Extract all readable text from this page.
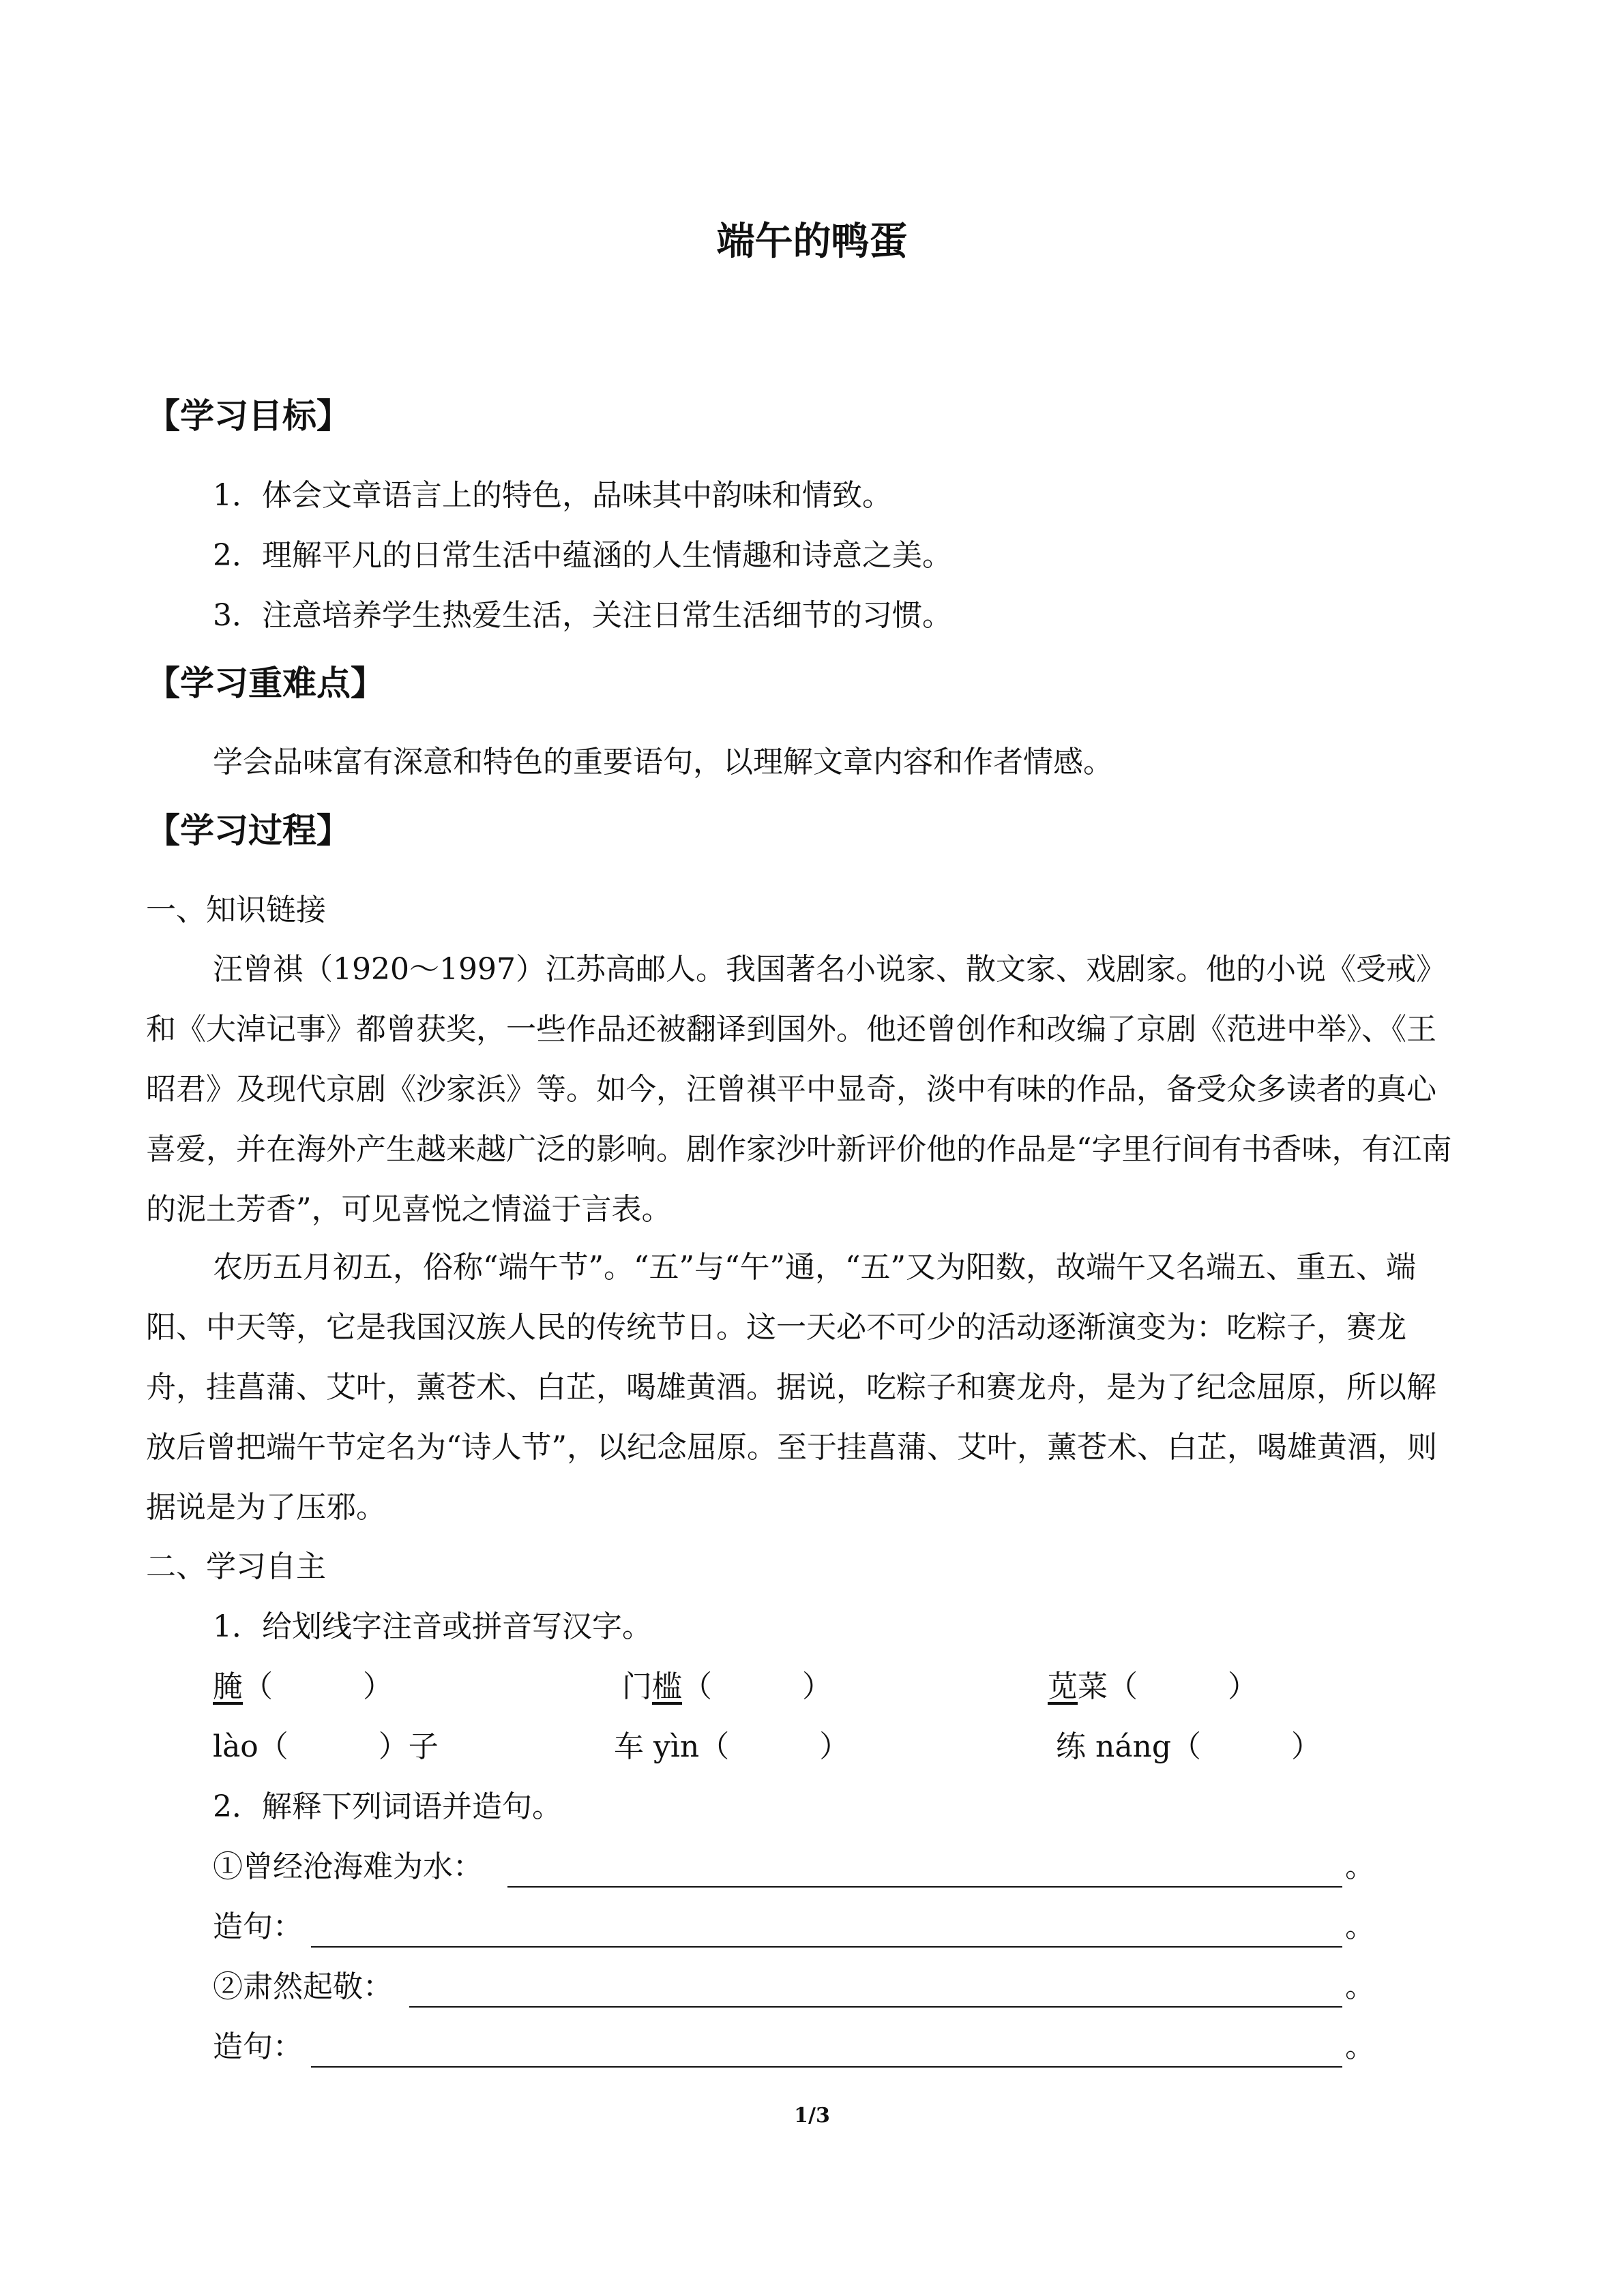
端午的鸭蛋
【学习目标】
1．体会文章语言上的特色，品味其中韵味和情致。
2．理解平凡的日常生活中蕴涵的人生情趣和诗意之美。
3．注意培养学生热爱生活，关注日常生活细节的习惯。
【学习重难点】
学会品味富有深意和特色的重要语句，以理解文章内容和作者情感。
【学习过程】
一、知识链接
汪曾祺（1920～1997）江苏高邮人。我国著名小说家、散文家、戏剧家。他的小说《受戒》和《大淖记事》都曾获奖，一些作品还被翻译到国外。他还曾创作和改编了京剧《范进中举》、《王昭君》及现代京剧《沙家浜》等。如今，汪曾祺平中显奇，淡中有味的作品，备受众多读者的真心喜爱，并在海外产生越来越广泛的影响。剧作家沙叶新评价他的作品是“字里行间有书香味，有江南的泥土芳香”，可见喜悦之情溢于言表。
农历五月初五，俗称“端午节”。“五”与“午”通，“五”又为阳数，故端午又名端五、重五、端阳、中天等，它是我国汉族人民的传统节日。这一天必不可少的活动逐渐演变为：吃粽子，赛龙舟，挂菖蒲、艾叶，薰苍术、白芷，喝雄黄酒。据说，吃粽子和赛龙舟，是为了纪念屈原，所以解放后曾把端午节定名为“诗人节”，以纪念屈原。至于挂菖蒲、艾叶，薰苍术、白芷，喝雄黄酒，则据说是为了压邪。
二、学习自主
1．给划线字注音或拼音写汉字。
腌（　　　）	门槛（　　　）	苋菜（　　　）
lào（　　　）子	车 yìn（　　　）	练 náng（　　　）
2．解释下列词语并造句。
①曾经沧海难为水：	。
造句：	。
②肃然起敬：	。
造句：	。
1/3
